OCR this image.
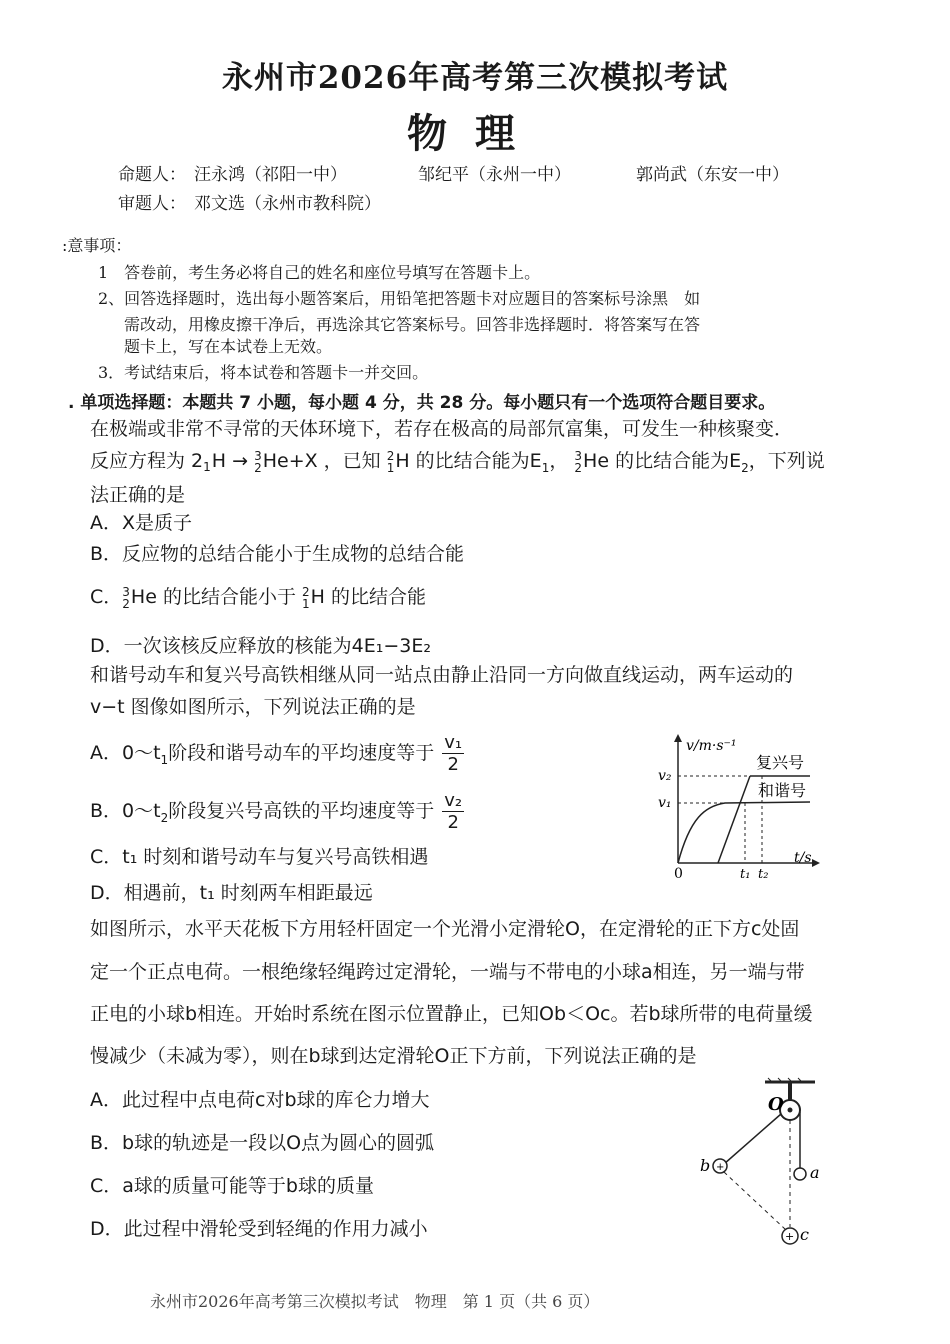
永州市2026年高考第三次模拟考试
物理
命题人： 汪永鸿（祁阳一中）	邹纪平（永州一中）	郭尚武（东安一中）
审题人： 邓文选（永州市教科院）
:意事项：
1　答卷前，考生务必将自己的姓名和座位号填写在答题卡上。
2、回答选择题时，选出每小题答案后，用铅笔把答题卡对应题目的答案标号涂黑　如
需改动，用橡皮擦干净后，再选涂其它答案标号。回答非选择题时．将答案写在答
题卡上，写在本试卷上无效。
3．考试结束后，将本试卷和答题卡一并交回。
. 单项选择题：本题共 7 小题，每小题 4 分，共 28 分。每小题只有一个选项符合题目要求。
在极端或非常不寻常的天体环境下，若存在极高的局部氘富集，可发生一种核聚变．
反应方程为 2 1 H → 3
2 He+X ，已知 2
1 H 的比结合能为$E_1$， 3
2 He 的比结合能为$E_2$，下列说
法正确的是
A．X是质子
B．反应物的总结合能小于生成物的总结合能
C． 3
2 He 的比结合能小于 2
1 H 的比结合能
D．一次该核反应释放的核能为4E₁−3E₂
和谐号动车和复兴号高铁相继从同一站点由静止沿同一方向做直线运动，两车运动的
v−t 图像如图所示，下列说法正确的是
A．$0\sim t_1$阶段和谐号动车的平均速度等于 $\frac{\text{v₁}}{2}$
B．$0\sim t_2$阶段复兴号高铁的平均速度等于 $\frac{\text{v₂}}{2}$
C．t₁ 时刻和谐号动车与复兴号高铁相遇
D．相遇前，t₁ 时刻两车相距最远
v/m·s⁻¹
t/s
0
v₂
v₁
t₁ t₂
复兴号
和谐号
如图所示，水平天花板下方用轻杆固定一个光滑小定滑轮O，在定滑轮的正下方c处固
定一个正点电荷。一根绝缘轻绳跨过定滑轮，一端与不带电的小球a相连，另一端与带
正电的小球b相连。开始时系统在图示位置静止，已知Ob＜Oc。若b球所带的电荷量缓
慢减少（未减为零），则在b球到达定滑轮O正下方前，下列说法正确的是
A．此过程中点电荷c对b球的库仑力增大
B．b球的轨迹是一段以O点为圆心的圆弧
C．a球的质量可能等于b球的质量
D．此过程中滑轮受到轻绳的作用力减小
+
+
O
a
b
c
永州市2026年高考第三次模拟考试　物理　第 1 页（共 6 页）
